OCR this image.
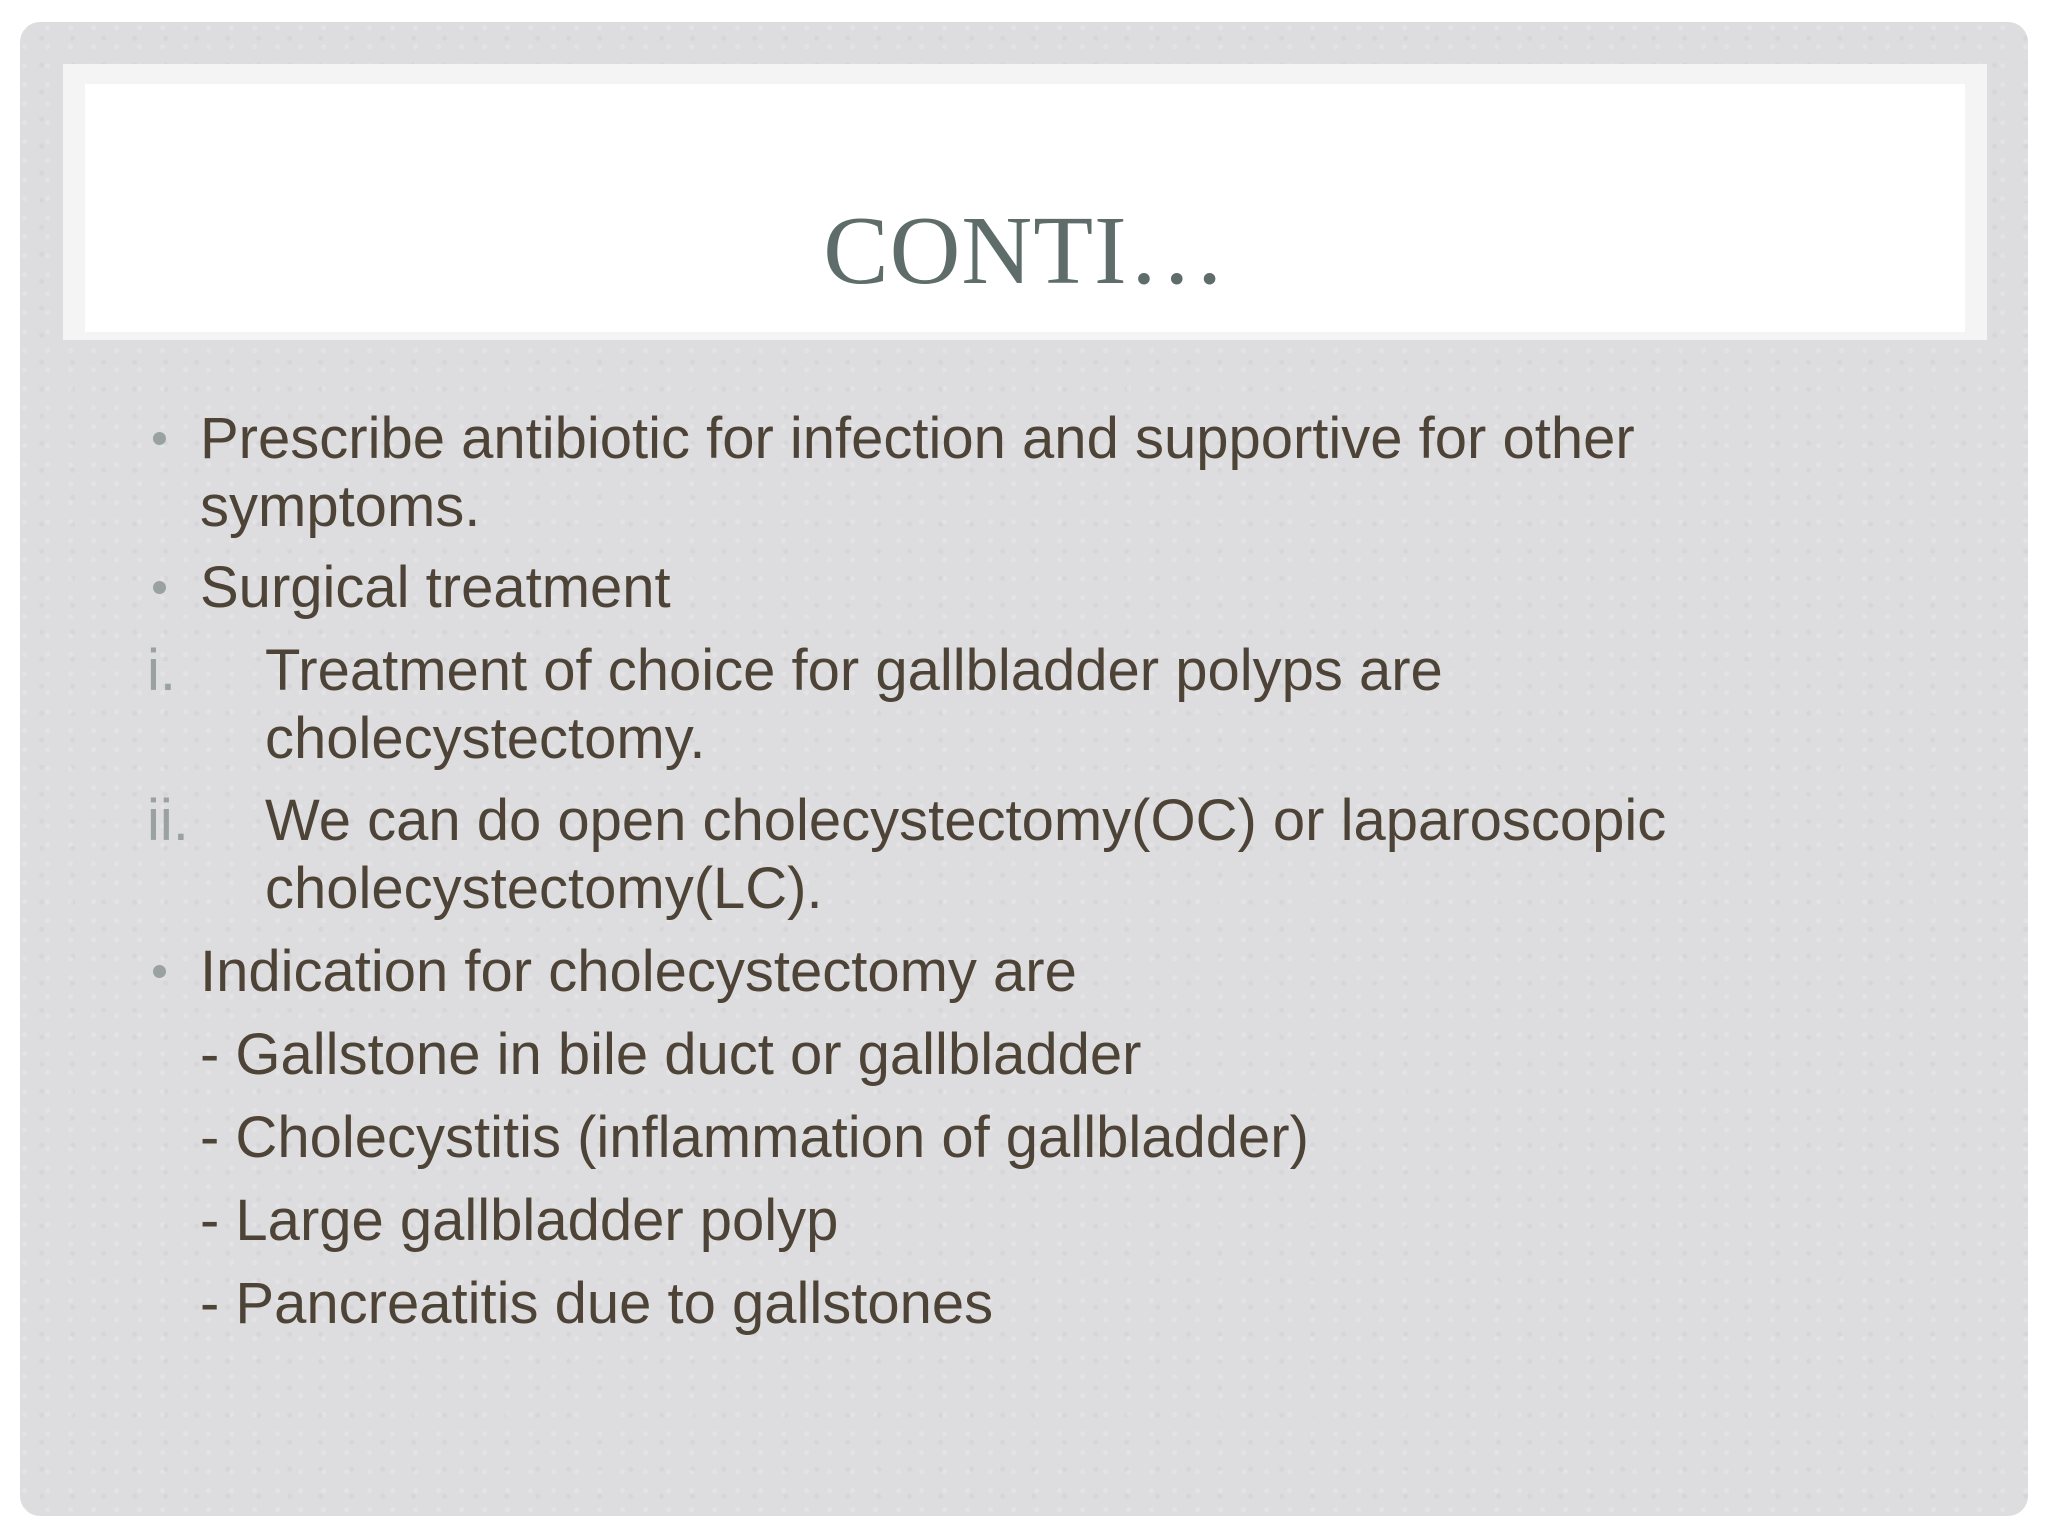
CONTI…
Prescribe antibiotic for infection and supportive for other
symptoms.
Surgical treatment
i. Treatment of choice for gallbladder polyps are
cholecystectomy.
ii. We can do open cholecystectomy(OC) or laparoscopic
cholecystectomy(LC).
Indication for cholecystectomy are
- Gallstone in bile duct or gallbladder
- Cholecystitis (inflammation of gallbladder)
- Large gallbladder polyp
- Pancreatitis due to gallstones
